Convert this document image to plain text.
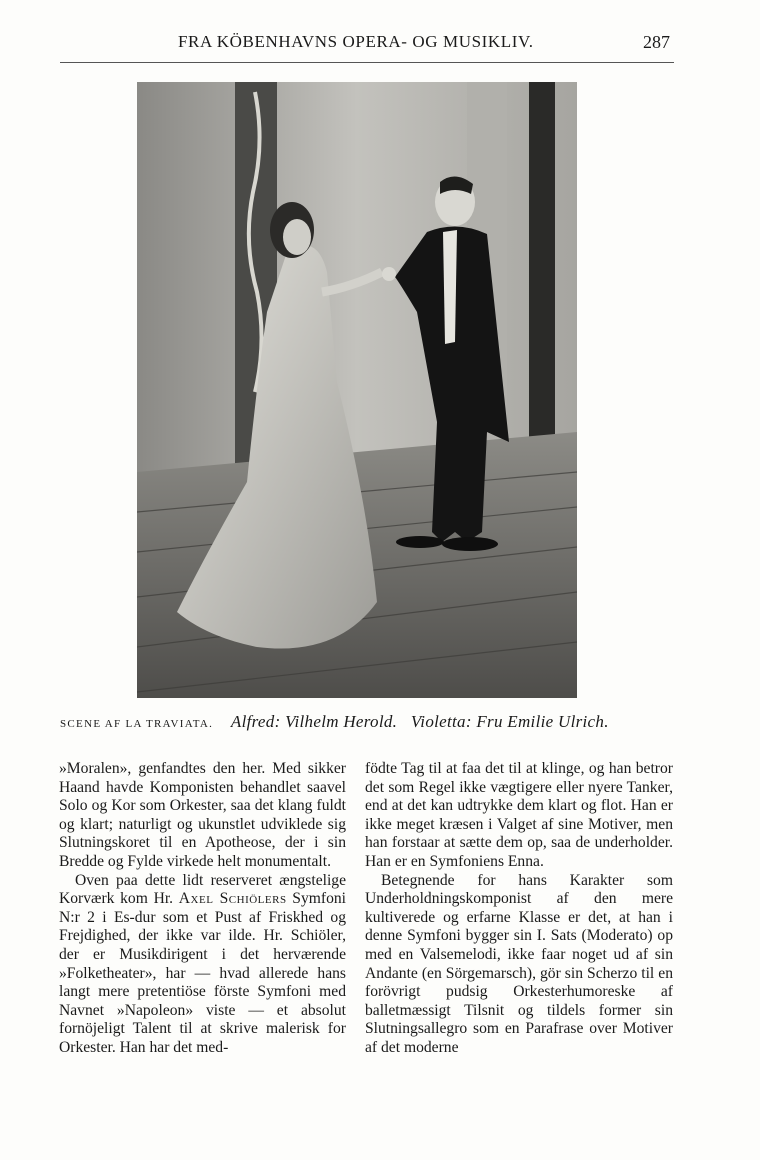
FRA KÖBENHAVNS OPERA- OG MUSIKLIV.	287
SCENE AF LA TRAVIATA. Alfred: Vilhelm Herold.   Violetta: Fru Emilie Ulrich.

»Moralen», genfandtes den her. Med sikker Haand havde Komponisten behandlet saavel Solo og Kor som Orkester, saa det klang fuldt og klart; naturligt og ukunstlet udviklede sig Slutningskoret til en Apotheose, der i sin Bredde og Fylde virkede helt monumentalt.

Oven paa dette lidt reserveret ængstelige Korværk kom Hr. Axel Schiölers Symfoni N:r 2 i Es-dur som et Pust af Friskhed og Frejdighed, der ikke var ilde. Hr. Schiöler, der er Musikdirigent i det herværende »Folketheater», har — hvad allerede hans langt mere pretentiöse förste Symfoni med Navnet »Napoleon» viste — et absolut fornöjeligt Talent til at skrive malerisk for Orkester. Han har det med-

födte Tag til at faa det til at klinge, og han betror det som Regel ikke vægtigere eller nyere Tanker, end at det kan udtrykke dem klart og flot. Han er ikke meget kræsen i Valget af sine Motiver, men han forstaar at sætte dem op, saa de underholder. Han er en Symfoniens Enna.

Betegnende for hans Karakter som Underholdningskomponist af den mere kultiverede og erfarne Klasse er det, at han i denne Symfoni bygger sin I. Sats (Moderato) op med en Valsemelodi, ikke faar noget ud af sin Andante (en Sörgemarsch), gör sin Scherzo til en forövrigt pudsig Orkesterhumoreske af balletmæssigt Tilsnit og tildels former sin Slutningsallegro som en Parafrase over Motiver af det moderne
